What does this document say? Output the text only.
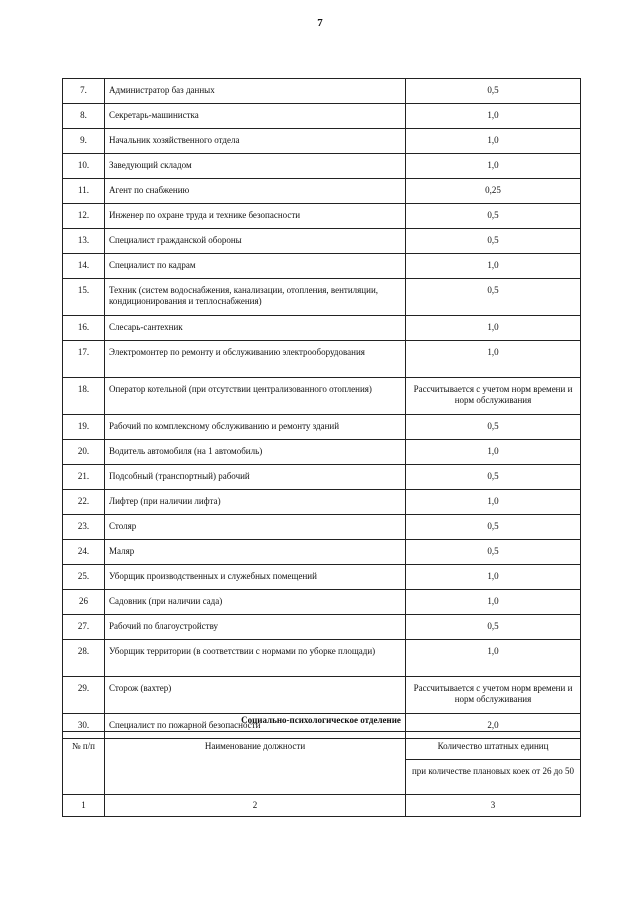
7
7.	Администратор баз данных	0,5
8.	Секретарь-машинистка	1,0
9.	Начальник хозяйственного отдела	1,0
10.	Заведующий складом	1,0
11.	Агент по снабжению	0,25
12.	Инженер по охране труда и технике безопасности	0,5
13.	Специалист гражданской обороны	0,5
14.	Специалист по кадрам	1,0
15.	Техник (систем водоснабжения, канализации, отопления, вентиляции, кондиционирования и теплоснабжения)	0,5
16.	Слесарь-сантехник	1,0
17.	Электромонтер по ремонту и обслуживанию электрооборудования	1,0
18.	Оператор котельной (при отсутствии централизованного отопления)	Рассчитывается с учетом норм времени и норм обслуживания
19.	Рабочий по комплексному обслуживанию и ремонту зданий	0,5
20.	Водитель автомобиля (на 1 автомобиль)	1,0
21.	Подсобный (транспортный) рабочий	0,5
22.	Лифтер (при наличии лифта)	1,0
23.	Столяр	0,5
24.	Маляр	0,5
25.	Уборщик производственных и служебных помещений	1,0
26	Садовник (при наличии сада)	1,0
27.	Рабочий по благоустройству	0,5
28.	Уборщик территории (в соответствии с нормами по уборке площади)	1,0
29.	Сторож (вахтер)	Рассчитывается с учетом норм времени и норм обслуживания
30.	Специалист по пожарной безопасности	2,0
Социально-психологическое отделение
№ п/п	Наименование должности	Количество штатных единиц
		при количестве плановых коек от 26 до 50
1	2	3
